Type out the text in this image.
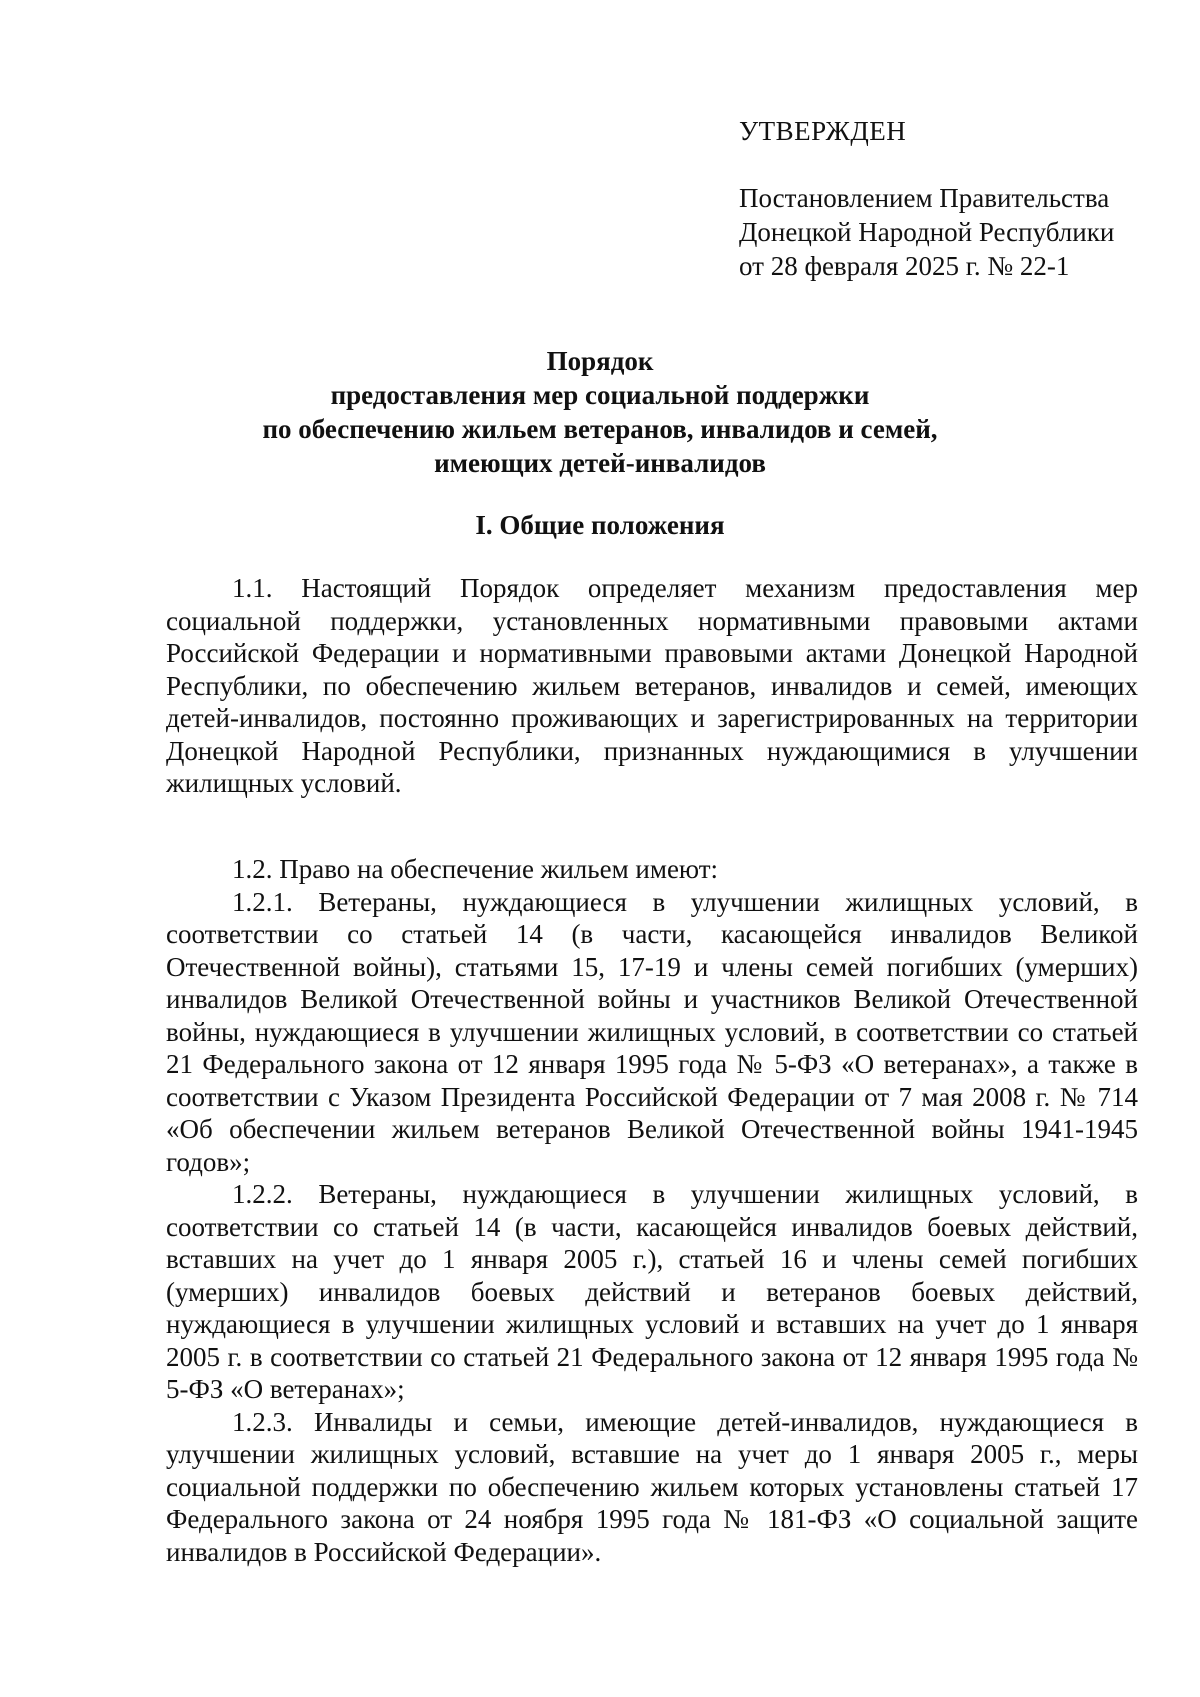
УТВЕРЖДЕН
Постановлением Правительства
Донецкой Народной Республики
от 28 февраля 2025 г. № 22-1
Порядок
предоставления мер социальной поддержки
по обеспечению жильем ветеранов, инвалидов и семей,
имеющих детей-инвалидов
I. Общие положения

1.1. Настоящий Порядок определяет механизм предоставления мер социальной поддержки, установленных нормативными правовыми актами Российской Федерации и нормативными правовыми актами Донецкой Народной Республики, по обеспечению жильем ветеранов, инвалидов и семей, имеющих детей-инвалидов, постоянно проживающих и зарегистрированных на территории Донецкой Народной Республики, признанных нуждающимися в улучшении жилищных условий.

1.2. Право на обеспечение жильем имеют:

1.2.1. Ветераны, нуждающиеся в улучшении жилищных условий, в соответствии со статьей 14 (в части, касающейся инвалидов Великой Отечественной войны), статьями 15, 17-19 и члены семей погибших (умерших) инвалидов Великой Отечественной войны и участников Великой Отечественной войны, нуждающиеся в улучшении жилищных условий, в соответствии со статьей 21 Федерального закона от 12 января 1995 года № 5-ФЗ «О ветеранах», а также в соответствии с Указом Президента Российской Федерации от 7 мая 2008 г. № 714 «Об обеспечении жильем ветеранов Великой Отечественной войны 1941-1945 годов»;

1.2.2. Ветераны, нуждающиеся в улучшении жилищных условий, в соответствии со статьей 14 (в части, касающейся инвалидов боевых действий, вставших на учет до 1 января 2005 г.), статьей 16 и члены семей погибших (умерших) инвалидов боевых действий и ветеранов боевых действий, нуждающиеся в улучшении жилищных условий и вставших на учет до 1 января 2005 г. в соответствии со статьей 21 Федерального закона от 12 января 1995 года № 5-ФЗ «О ветеранах»;

1.2.3. Инвалиды и семьи, имеющие детей-инвалидов, нуждающиеся в улучшении жилищных условий, вставшие на учет до 1 января 2005 г., меры социальной поддержки по обеспечению жильем которых установлены статьей 17 Федерального закона от 24 ноября 1995 года № 181-ФЗ «О социальной защите инвалидов в Российской Федерации».
